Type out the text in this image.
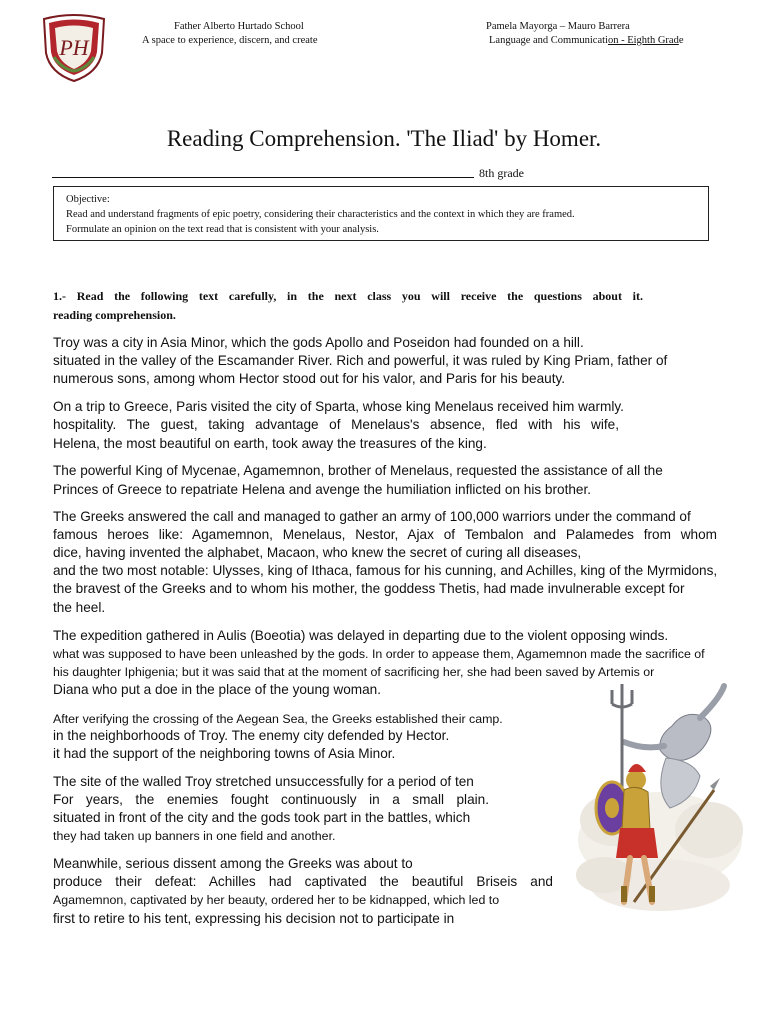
PH
Father Alberto Hurtado School
A space to experience, discern, and create
Pamela Mayorga – Mauro Barrera
Language and Communication - Eighth Grade
Reading Comprehension. 'The Iliad' by Homer.
8th grade
Objective:
Read and understand fragments of epic poetry, considering their characteristics and the context in which they are framed.
Formulate an opinion on the text read that is consistent with your analysis.
1.- Read the following text carefully, in the next class you will receive the questions about it.
reading comprehension.
Troy was a city in Asia Minor, which the gods Apollo and Poseidon had founded on a hill.
situated in the valley of the Escamander River. Rich and powerful, it was ruled by King Priam, father of
numerous sons, among whom Hector stood out for his valor, and Paris for his beauty.
On a trip to Greece, Paris visited the city of Sparta, whose king Menelaus received him warmly.
hospitality. The guest, taking advantage of Menelaus's absence, fled with his wife,
Helena, the most beautiful on earth, took away the treasures of the king.
The powerful King of Mycenae, Agamemnon, brother of Menelaus, requested the assistance of all the
Princes of Greece to repatriate Helena and avenge the humiliation inflicted on his brother.
The Greeks answered the call and managed to gather an army of 100,000 warriors under the command of
famous heroes like: Agamemnon, Menelaus, Nestor, Ajax of Tembalon and Palamedes from whom
dice, having invented the alphabet, Macaon, who knew the secret of curing all diseases,
and the two most notable: Ulysses, king of Ithaca, famous for his cunning, and Achilles, king of the Myrmidons,
the bravest of the Greeks and to whom his mother, the goddess Thetis, had made invulnerable except for
the heel.
The expedition gathered in Aulis (Boeotia) was delayed in departing due to the violent opposing winds.
what was supposed to have been unleashed by the gods. In order to appease them, Agamemnon made the sacrifice of
his daughter Iphigenia; but it was said that at the moment of sacrificing her, she had been saved by Artemis or
Diana who put a doe in the place of the young woman.
After verifying the crossing of the Aegean Sea, the Greeks established their camp.
in the neighborhoods of Troy. The enemy city defended by Hector.
it had the support of the neighboring towns of Asia Minor.
The site of the walled Troy stretched unsuccessfully for a period of ten
For years, the enemies fought continuously in a small plain.
situated in front of the city and the gods took part in the battles, which
they had taken up banners in one field and another.
Meanwhile, serious dissent among the Greeks was about to
produce their defeat: Achilles had captivated the beautiful Briseis and
Agamemnon, captivated by her beauty, ordered her to be kidnapped, which led to
first to retire to his tent, expressing his decision not to participate in
